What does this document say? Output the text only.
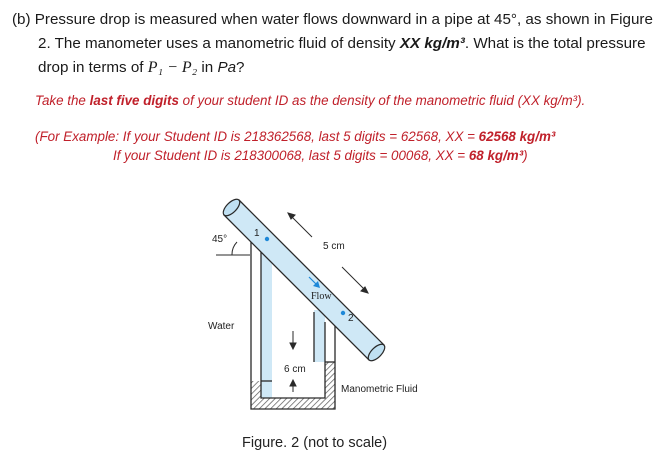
(b) Pressure drop is measured when water flows downward in a pipe at 45°, as shown in Figure
2. The manometer uses a manometric fluid of density XX kg/m³. What is the total pressure
drop in terms of P₁ − P₂ in Pa?
Take the last five digits of your student ID as the density of the manometric fluid (XX kg/m³).
(For Example: If your Student ID is 218362568, last 5 digits = 62568, XX = 62568 kg/m³
If your Student ID is 218300068, last 5 digits = 00068, XX = 68 kg/m³)
45°
1
2
5 cm
Flow
Water
6 cm
Manometric Fluid
Figure. 2 (not to scale)
